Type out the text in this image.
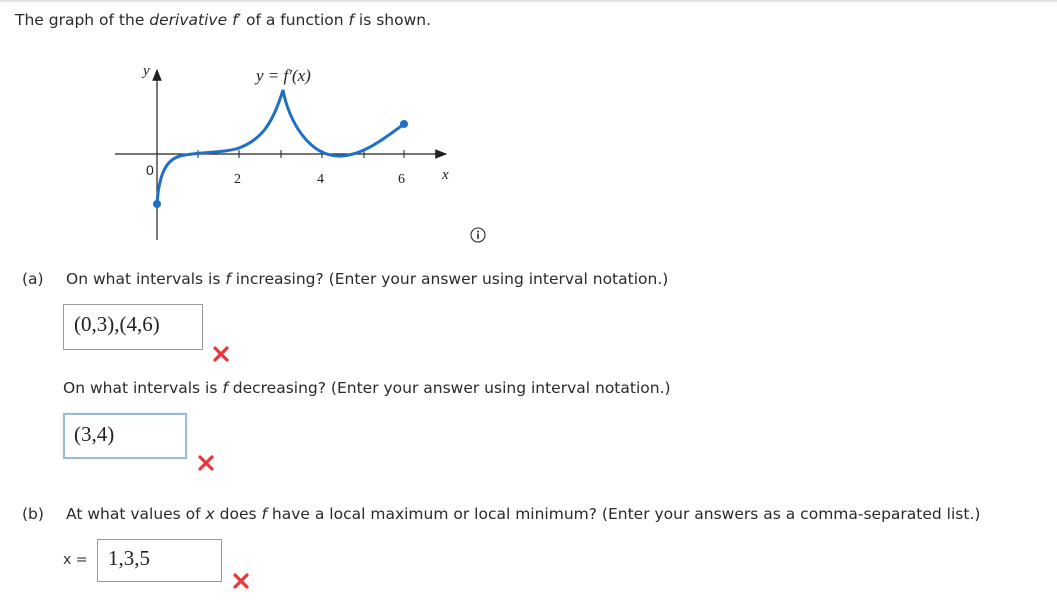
The graph of the derivative f′ of a function f is shown.
y
x
0
2	4	6
y = f′(x)
(a) On what intervals is f increasing? (Enter your answer using interval notation.)
(0,3),(4,6)
On what intervals is f decreasing? (Enter your answer using interval notation.)
(3,4)
(b) At what values of x does f have a local maximum or local minimum? (Enter your answers as a comma-separated list.)
x = 1,3,5
